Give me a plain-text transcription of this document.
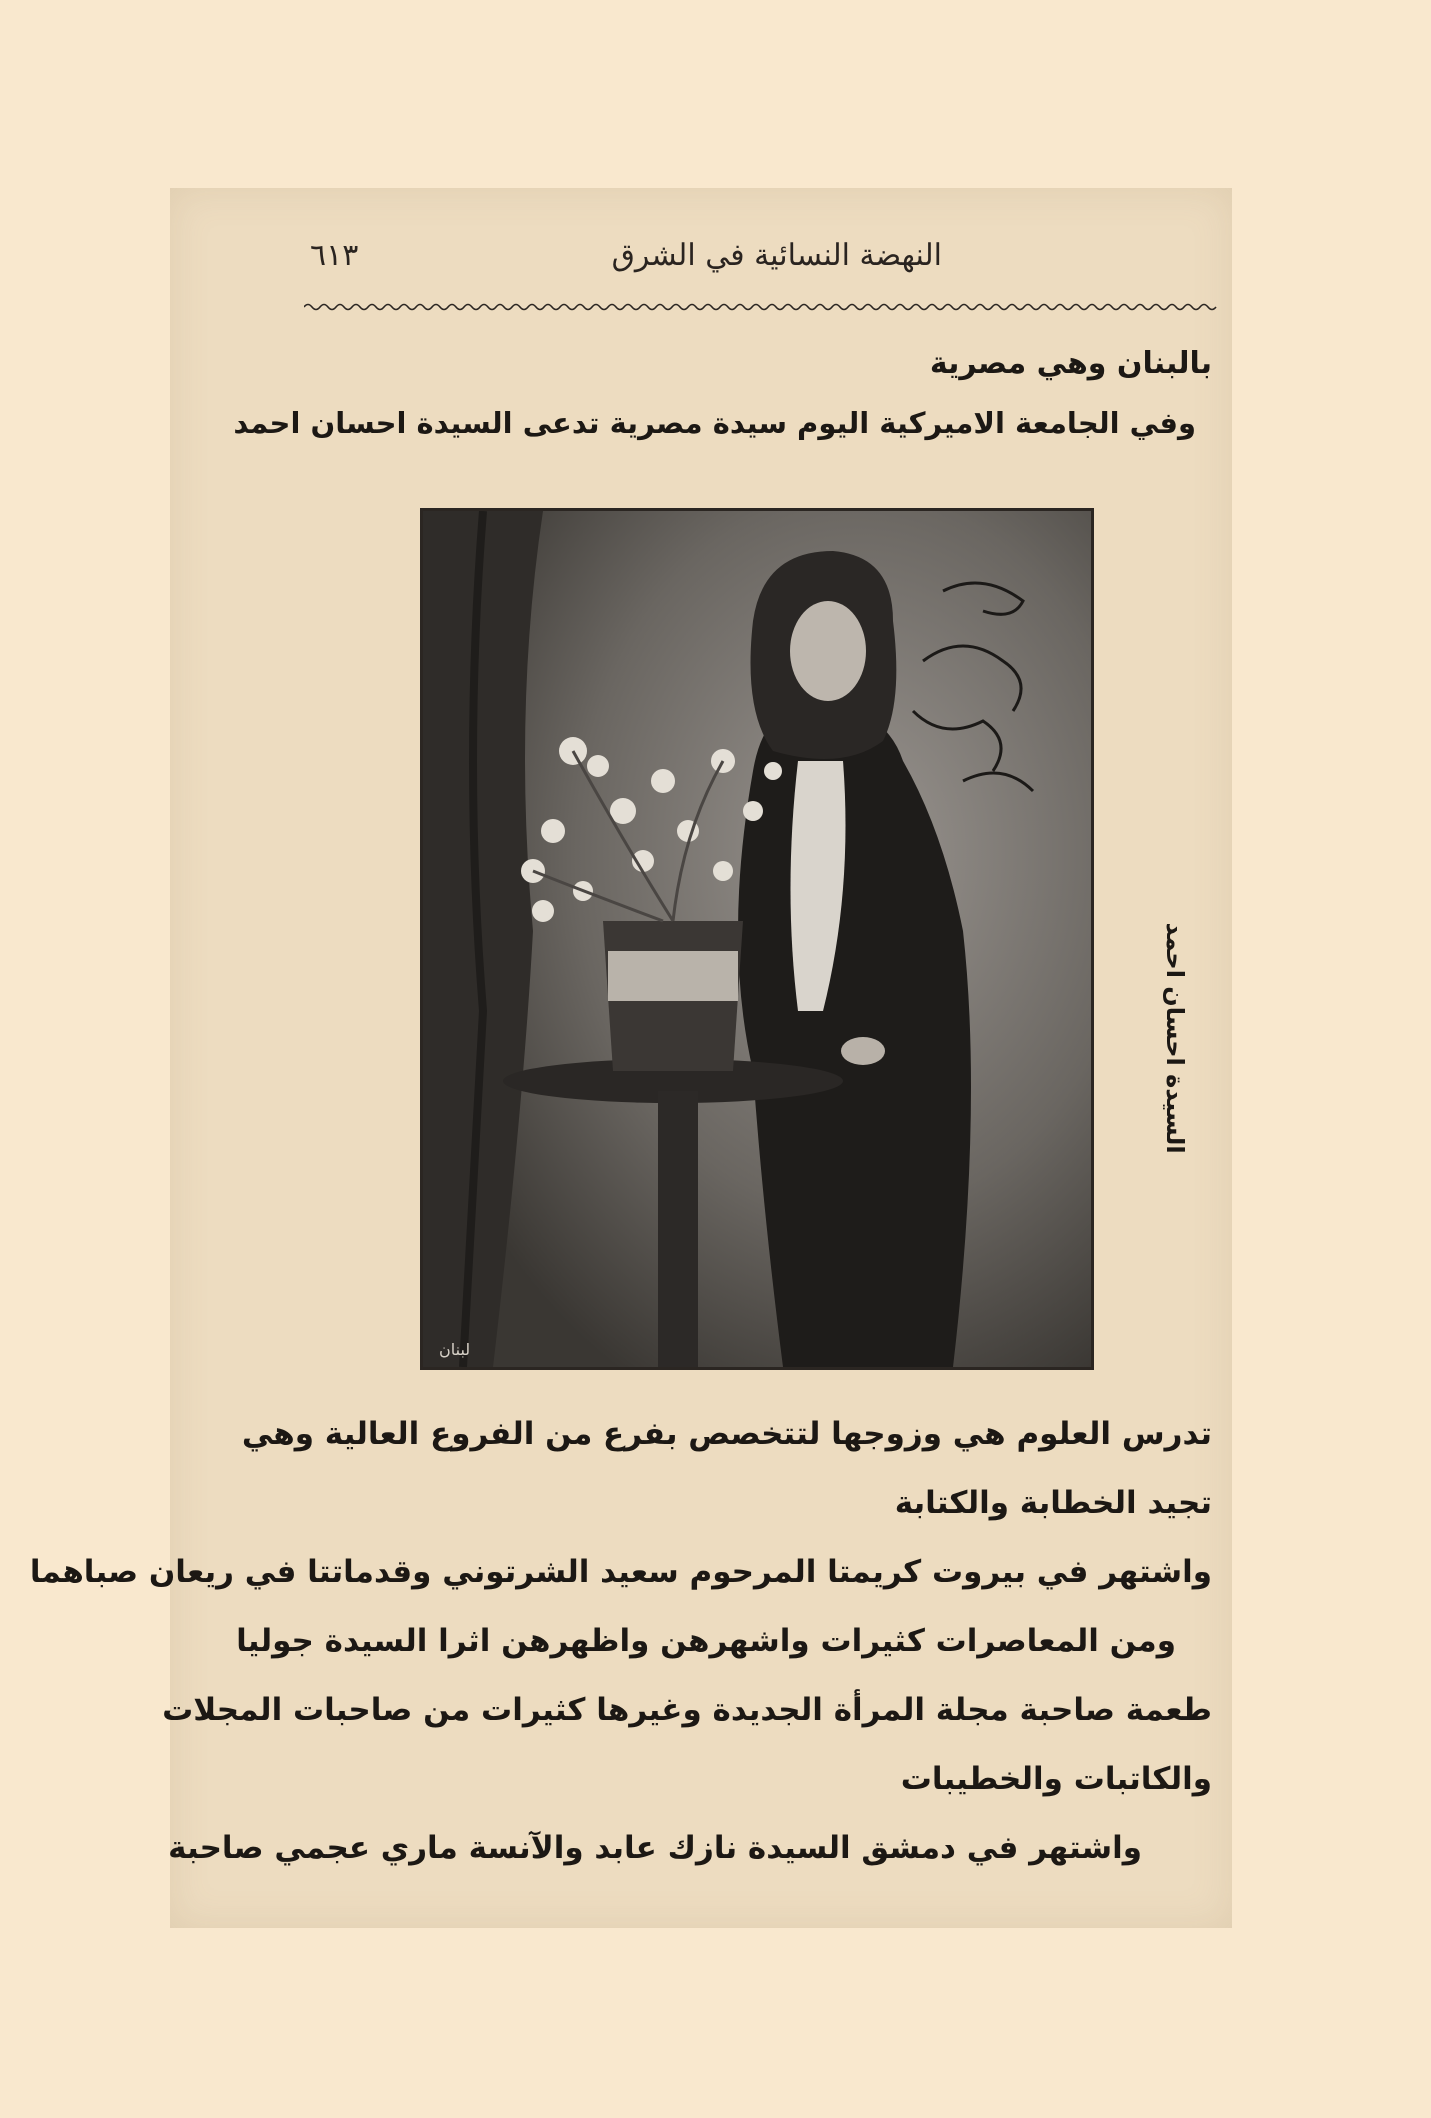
النهضة النسائية في الشرق
٦١٣
بالبنان وهي مصرية
وفي الجامعة الاميركية اليوم سيدة مصرية تدعى السيدة احسان احمد
لبنان
السيدة احسان احمد
تدرس العلوم هي وزوجها لتتخصص بفرع من الفروع العالية وهي
تجيد الخطابة والكتابة
واشتهر في بيروت كريمتا المرحوم سعيد الشرتوني وقدماتتا في ريعان صباهما
ومن المعاصرات كثيرات واشهرهن واظهرهن اثرا السيدة جوليا
طعمة صاحبة مجلة المرأة الجديدة وغيرها كثيرات من صاحبات المجلات
والكاتبات والخطيبات
واشتهر في دمشق السيدة نازك عابد والآنسة ماري عجمي صاحبة
